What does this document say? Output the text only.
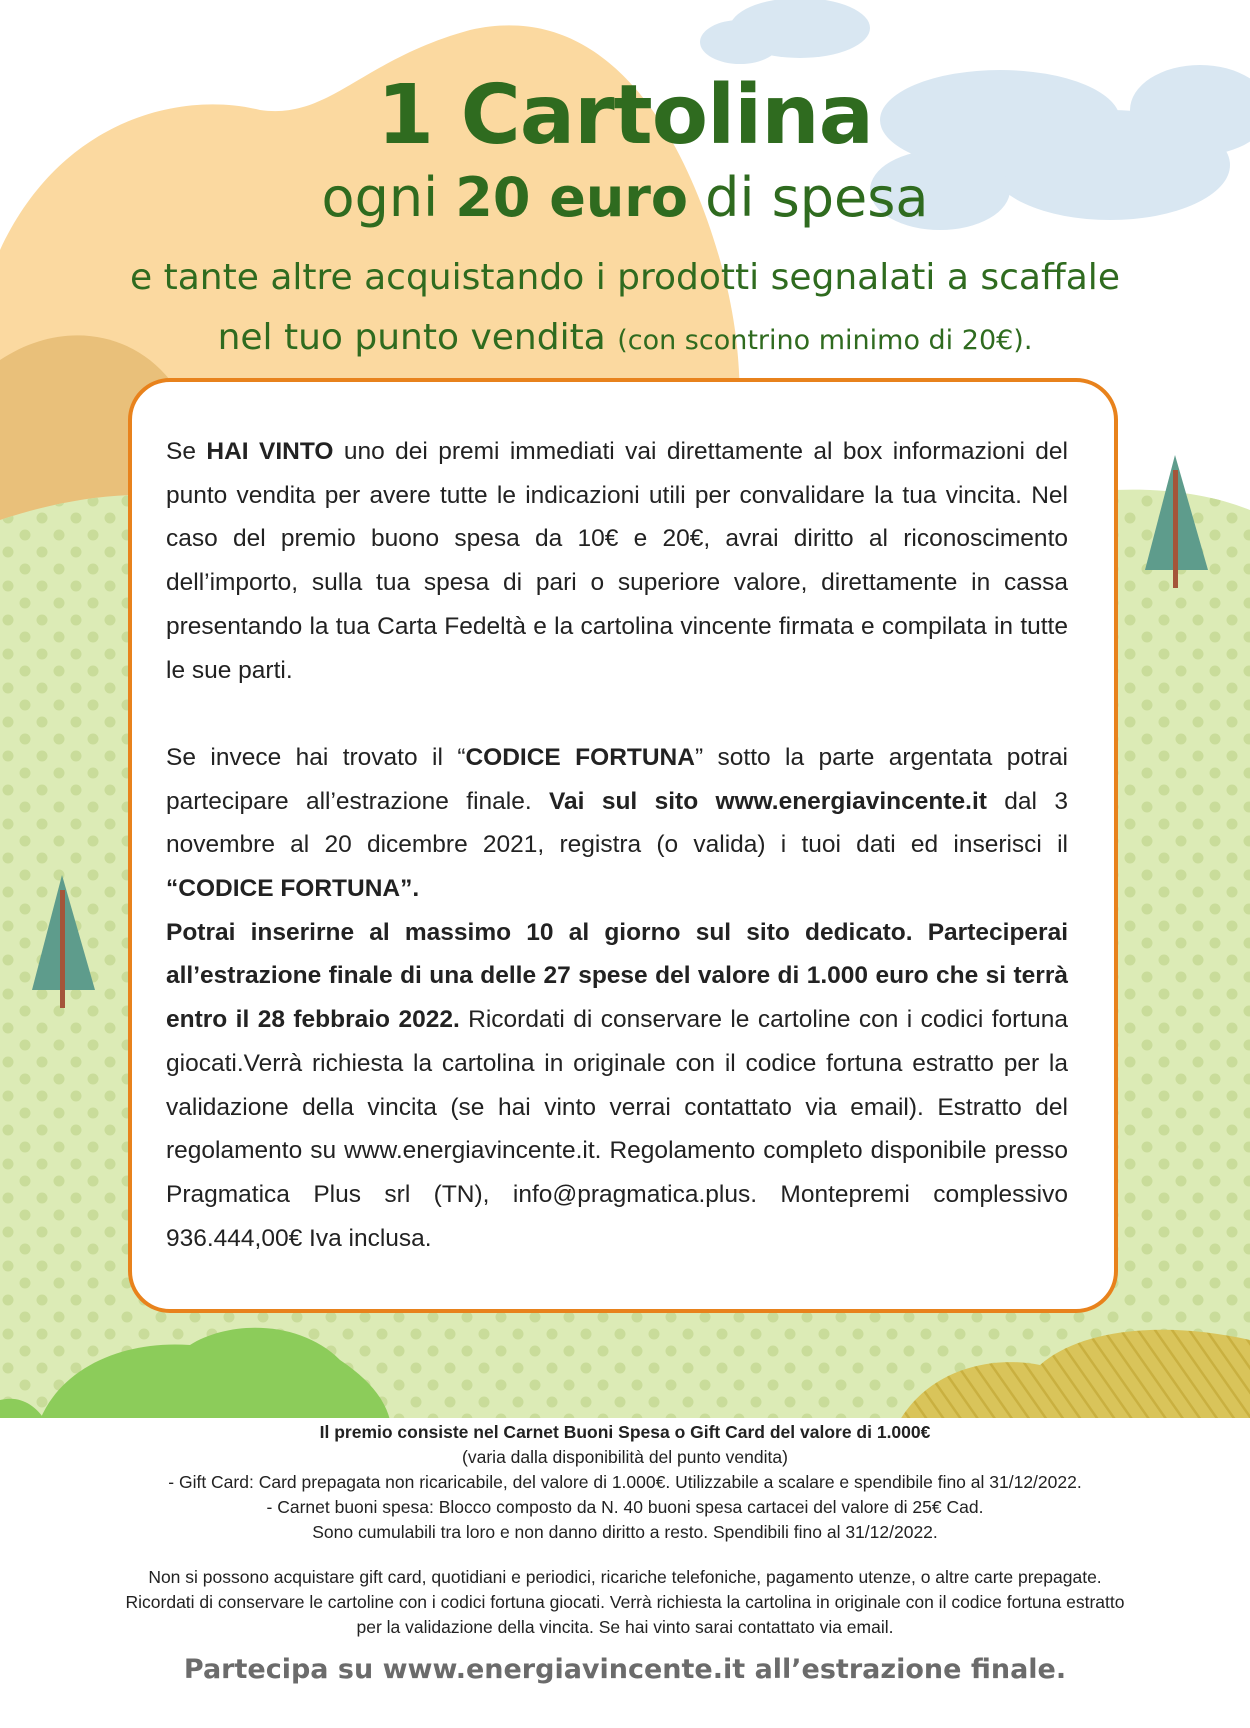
1 Cartolina
ogni 20 euro di spesa
e tante altre acquistando i prodotti segnalati a scaffale
nel tuo punto vendita (con scontrino minimo di 20€).

Se HAI VINTO uno dei premi immediati vai direttamente al box informazioni del punto vendita per avere tutte le indicazioni utili per convalidare la tua vincita. Nel caso del premio buono spesa da 10€ e 20€, avrai diritto al riconoscimento dell’importo, sulla tua spesa di pari o superiore valore, direttamente in cassa presentando la tua Carta Fedeltà e la cartolina vincente firmata e compilata in tutte le sue parti.

Se invece hai trovato il “CODICE FORTUNA” sotto la parte argentata potrai partecipare all’estrazione finale. Vai sul sito www.energiavincente.it dal 3 novembre al 20 dicembre 2021, registra (o valida) i tuoi dati ed inserisci il “CODICE FORTUNA”.
Potrai inserirne al massimo 10 al giorno sul sito dedicato. Parteciperai all’estrazione finale di una delle 27 spese del valore di 1.000 euro che si terrà entro il 28 febbraio 2022. Ricordati di conservare le cartoline con i codici fortuna giocati.Verrà richiesta la cartolina in originale con il codice fortuna estratto per la validazione della vincita (se hai vinto verrai contattato via email). Estratto del regolamento su www.energiavincente.it. Regolamento completo disponibile presso Pragmatica Plus srl (TN), info@pragmatica.plus. Montepremi complessivo 936.444,00€ Iva inclusa.

Il premio consiste nel Carnet Buoni Spesa o Gift Card del valore di 1.000€
(varia dalla disponibilità del punto vendita)
- Gift Card: Card prepagata non ricaricabile, del valore di 1.000€. Utilizzabile a scalare e spendibile fino al 31/12/2022.
- Carnet buoni spesa: Blocco composto da N. 40 buoni spesa cartacei del valore di 25€ Cad.
Sono cumulabili tra loro e non danno diritto a resto. Spendibili fino al 31/12/2022.
Non si possono acquistare gift card, quotidiani e periodici, ricariche telefoniche, pagamento utenze, o altre carte prepagate.
Ricordati di conservare le cartoline con i codici fortuna giocati. Verrà richiesta la cartolina in originale con il codice fortuna estratto
per la validazione della vincita. Se hai vinto sarai contattato via email.
Partecipa su www.energiavincente.it all’estrazione finale.
